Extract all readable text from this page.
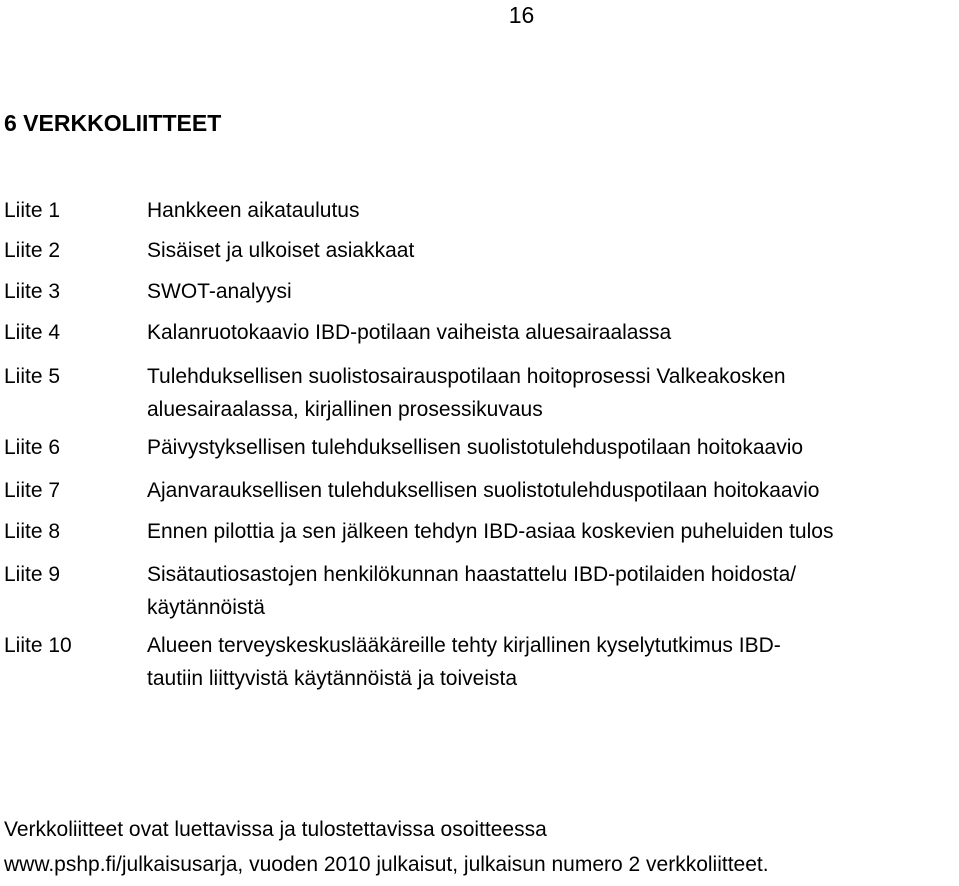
16
6 VERKKOLIITTEET
Liite 1	Hankkeen aikataulutus
Liite 2	Sisäiset ja ulkoiset asiakkaat
Liite 3	SWOT-analyysi
Liite 4	Kalanruotokaavio IBD-potilaan vaiheista aluesairaalassa
Liite 5	Tulehduksellisen suolistosairauspotilaan hoitoprosessi Valkeakosken
aluesairaalassa, kirjallinen prosessikuvaus
Liite 6	Päivystyksellisen tulehduksellisen suolistotulehduspotilaan hoitokaavio
Liite 7	Ajanvarauksellisen tulehduksellisen suolistotulehduspotilaan hoitokaavio
Liite 8	Ennen pilottia ja sen jälkeen tehdyn IBD-asiaa koskevien puheluiden tulos
Liite 9	Sisätautiosastojen henkilökunnan haastattelu IBD-potilaiden hoidosta/
käytännöistä
Liite 10	Alueen terveyskeskuslääkäreille tehty kirjallinen kyselytutkimus IBD-
tautiin liittyvistä käytännöistä ja toiveista
Verkkoliitteet ovat luettavissa ja tulostettavissa osoitteessa
www.pshp.fi/julkaisusarja, vuoden 2010 julkaisut, julkaisun numero 2 verkkoliitteet.
